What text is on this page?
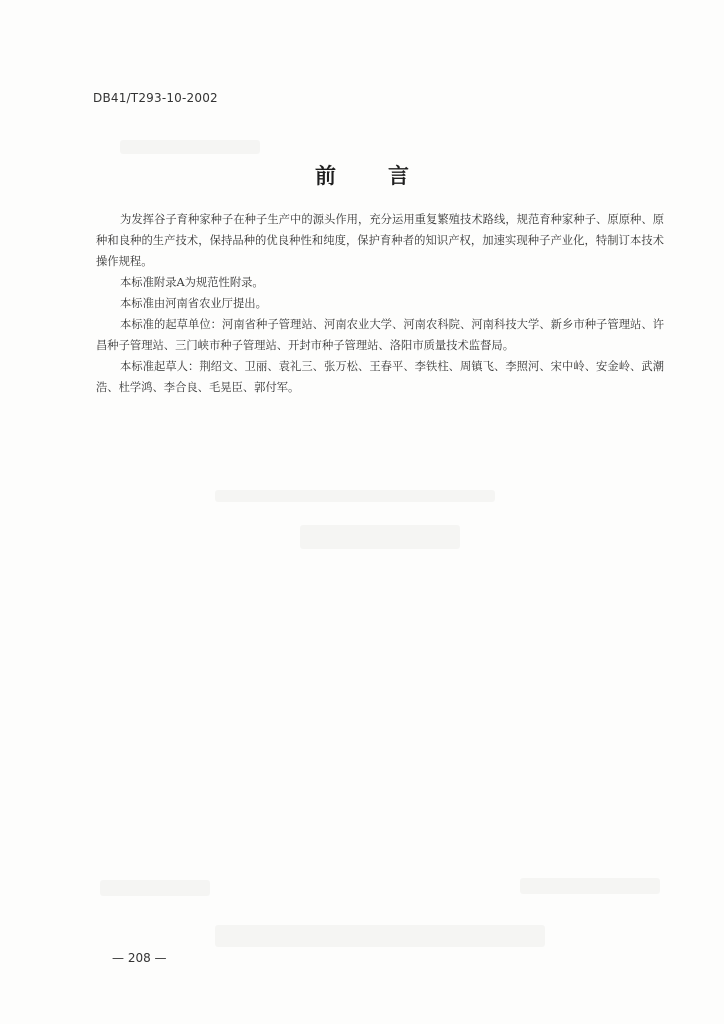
DB41/T293-10-2002
前言

为发挥谷子育种家种子在种子生产中的源头作用，充分运用重复繁殖技术路线，规范育种家种子、原原种、原种和良种的生产技术，保持品种的优良种性和纯度，保护育种者的知识产权，加速实现种子产业化，特制订本技术操作规程。

本标准附录A为规范性附录。

本标准由河南省农业厅提出。

本标准的起草单位：河南省种子管理站、河南农业大学、河南农科院、河南科技大学、新乡市种子管理站、许昌种子管理站、三门峡市种子管理站、开封市种子管理站、洛阳市质量技术监督局。

本标准起草人：荆绍文、卫丽、袁礼三、张万松、王春平、李铁柱、周镇飞、李照河、宋中岭、安金岭、武潮浩、杜学鸿、李合良、毛晃臣、郭付军。

— 208 —
